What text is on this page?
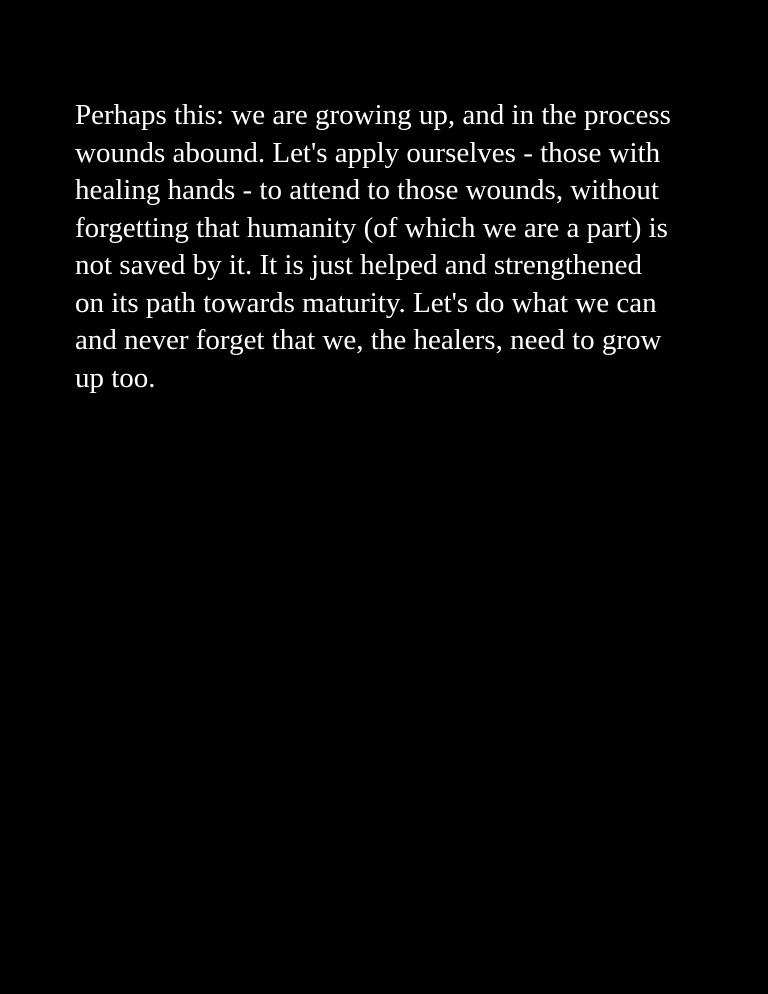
Perhaps this: we are growing up, and in the process
wounds abound. Let's apply ourselves - those with
healing hands - to attend to those wounds, without
forgetting that humanity (of which we are a part) is
not saved by it. It is just helped and strengthened
on its path towards maturity. Let's do what we can
and never forget that we, the healers, need to grow
up too.
